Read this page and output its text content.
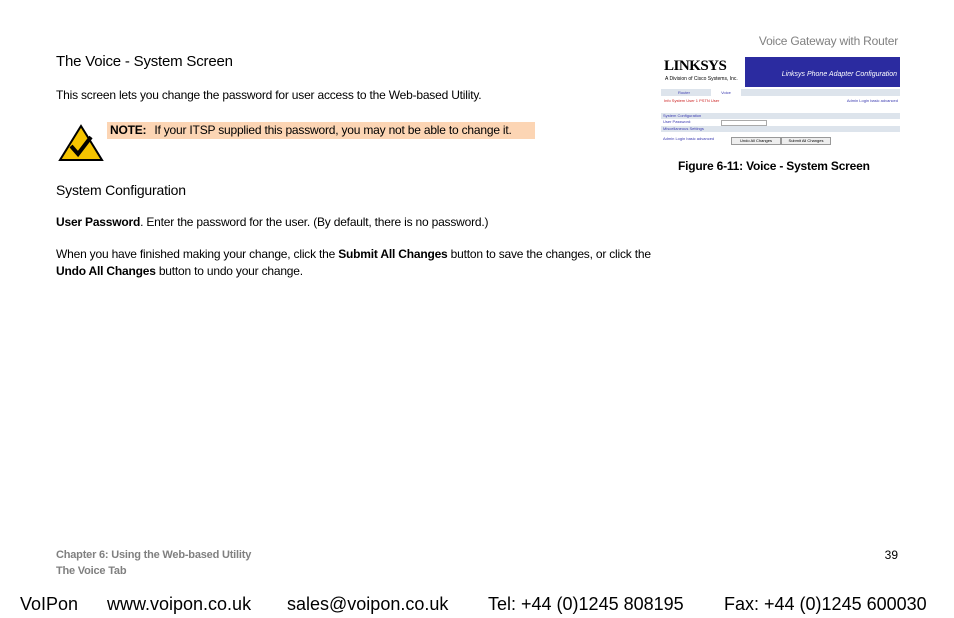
Voice Gateway with Router
The Voice - System Screen
This screen lets you change the password for user access to the Web-based Utility.
NOTE: If your ITSP supplied this password, you may not be able to change it.
System Configuration
User Password. Enter the password for the user. (By default, there is no password.)
When you have finished making your change, click the Submit All Changes button to save the changes, or click the Undo All Changes button to undo your change.
LINKSYS
A Division of Cisco Systems, Inc.
Linksys Phone Adapter Configuration
Router	Voice
Info System User 1 PSTN User	Admin Login basic advanced
System Configuration
User Password:
Miscellaneous Settings
Admin Login basic advanced	Undo All Changes	Submit All Changes
Figure 6-11: Voice - System Screen
Chapter 6: Using the Web-based Utility
The Voice Tab
39
VoIPon www.voipon.co.uk sales@voipon.co.uk Tel: +44 (0)1245 808195 Fax: +44 (0)1245 600030
